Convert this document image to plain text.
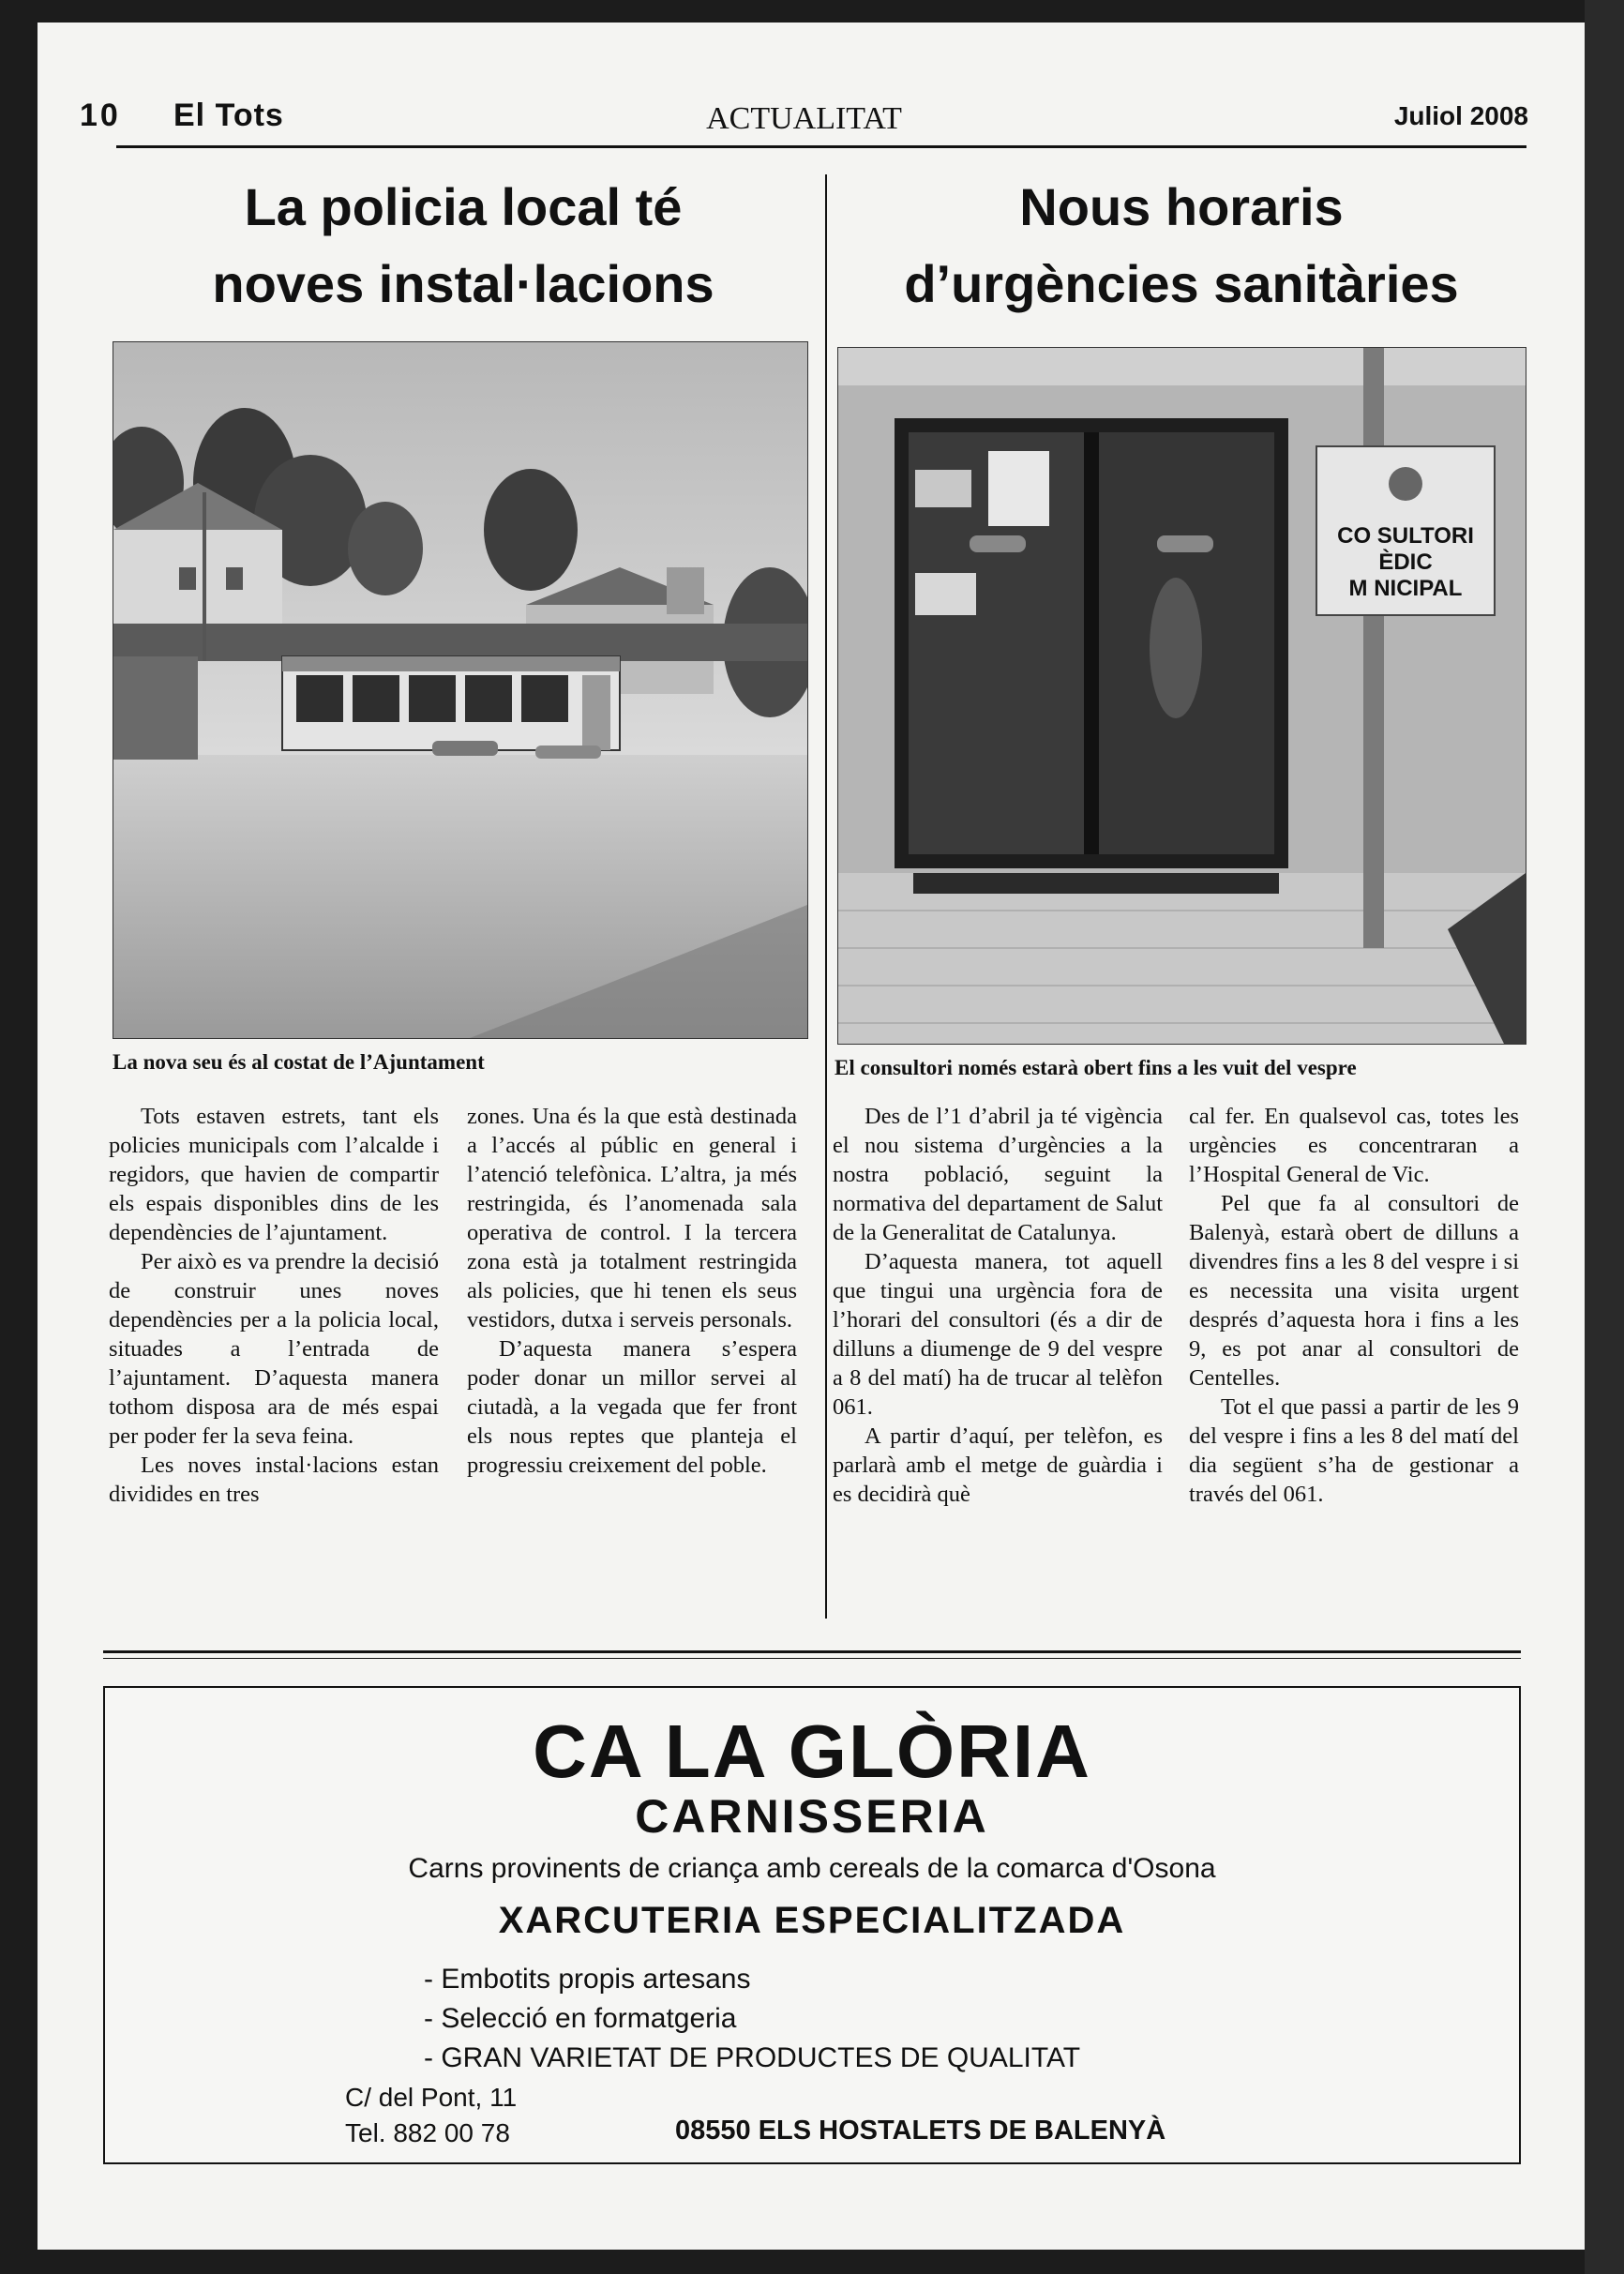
10 El Tots	ACTUALITAT	Juliol 2008
La policia local té
noves instal·lacions
Nous horaris
d’urgències sanitàries
CO SULTORI
ÈDIC
M NICIPAL
La nova seu és al costat de l’Ajuntament	El consultori només estarà obert fins a les vuit del vespre

Tots estaven estrets, tant els policies municipals com l’alcalde i regidors, que havien de compartir els espais disponibles dins de les dependències de l’ajuntament.

Per això es va prendre la decisió de construir unes noves dependències per a la policia local, situades a l’entrada de l’ajuntament. D’aquesta manera tothom disposa ara de més espai per poder fer la seva feina.

Les noves instal·lacions estan dividides en tres

zones. Una és la que està destinada a l’accés al públic en general i l’atenció telefònica. L’altra, ja més restringida, és l’anomenada sala operativa de control. I la tercera zona està ja totalment restringida als policies, que hi tenen els seus vestidors, dutxa i serveis personals.

D’aquesta manera s’espera poder donar un millor servei al ciutadà, a la vegada que fer front els nous reptes que planteja el progressiu creixement del poble.

Des de l’1 d’abril ja té vigència el nou sistema d’urgències a la nostra població, seguint la normativa del departament de Salut de la Generalitat de Catalunya.

D’aquesta manera, tot aquell que tingui una urgència fora de l’horari del consultori (és a dir de dilluns a diumenge de 9 del vespre a 8 del matí) ha de trucar al telèfon 061.

A partir d’aquí, per telèfon, es parlarà amb el metge de guàrdia i es decidirà què

cal fer. En qualsevol cas, totes les urgències es concentraran a l’Hospital General de Vic.

Pel que fa al consultori de Balenyà, estarà obert de dilluns a divendres fins a les 8 del vespre i si es necessita una visita urgent després d’aquesta hora i fins a les 9, es pot anar al consultori de Centelles.

Tot el que passi a partir de les 9 del vespre i fins a les 8 del matí del dia següent s’ha de gestionar a través del 061.

CA LA GLÒRIA
CARNISSERIA
Carns provinents de criança amb cereals de la comarca d'Osona
XARCUTERIA ESPECIALITZADA
- Embotits propis artesans
- Selecció en formatgeria
- GRAN VARIETAT DE PRODUCTES DE QUALITAT
C/ del Pont, 11
Tel. 882 00 78	08550 ELS HOSTALETS DE BALENYÀ
